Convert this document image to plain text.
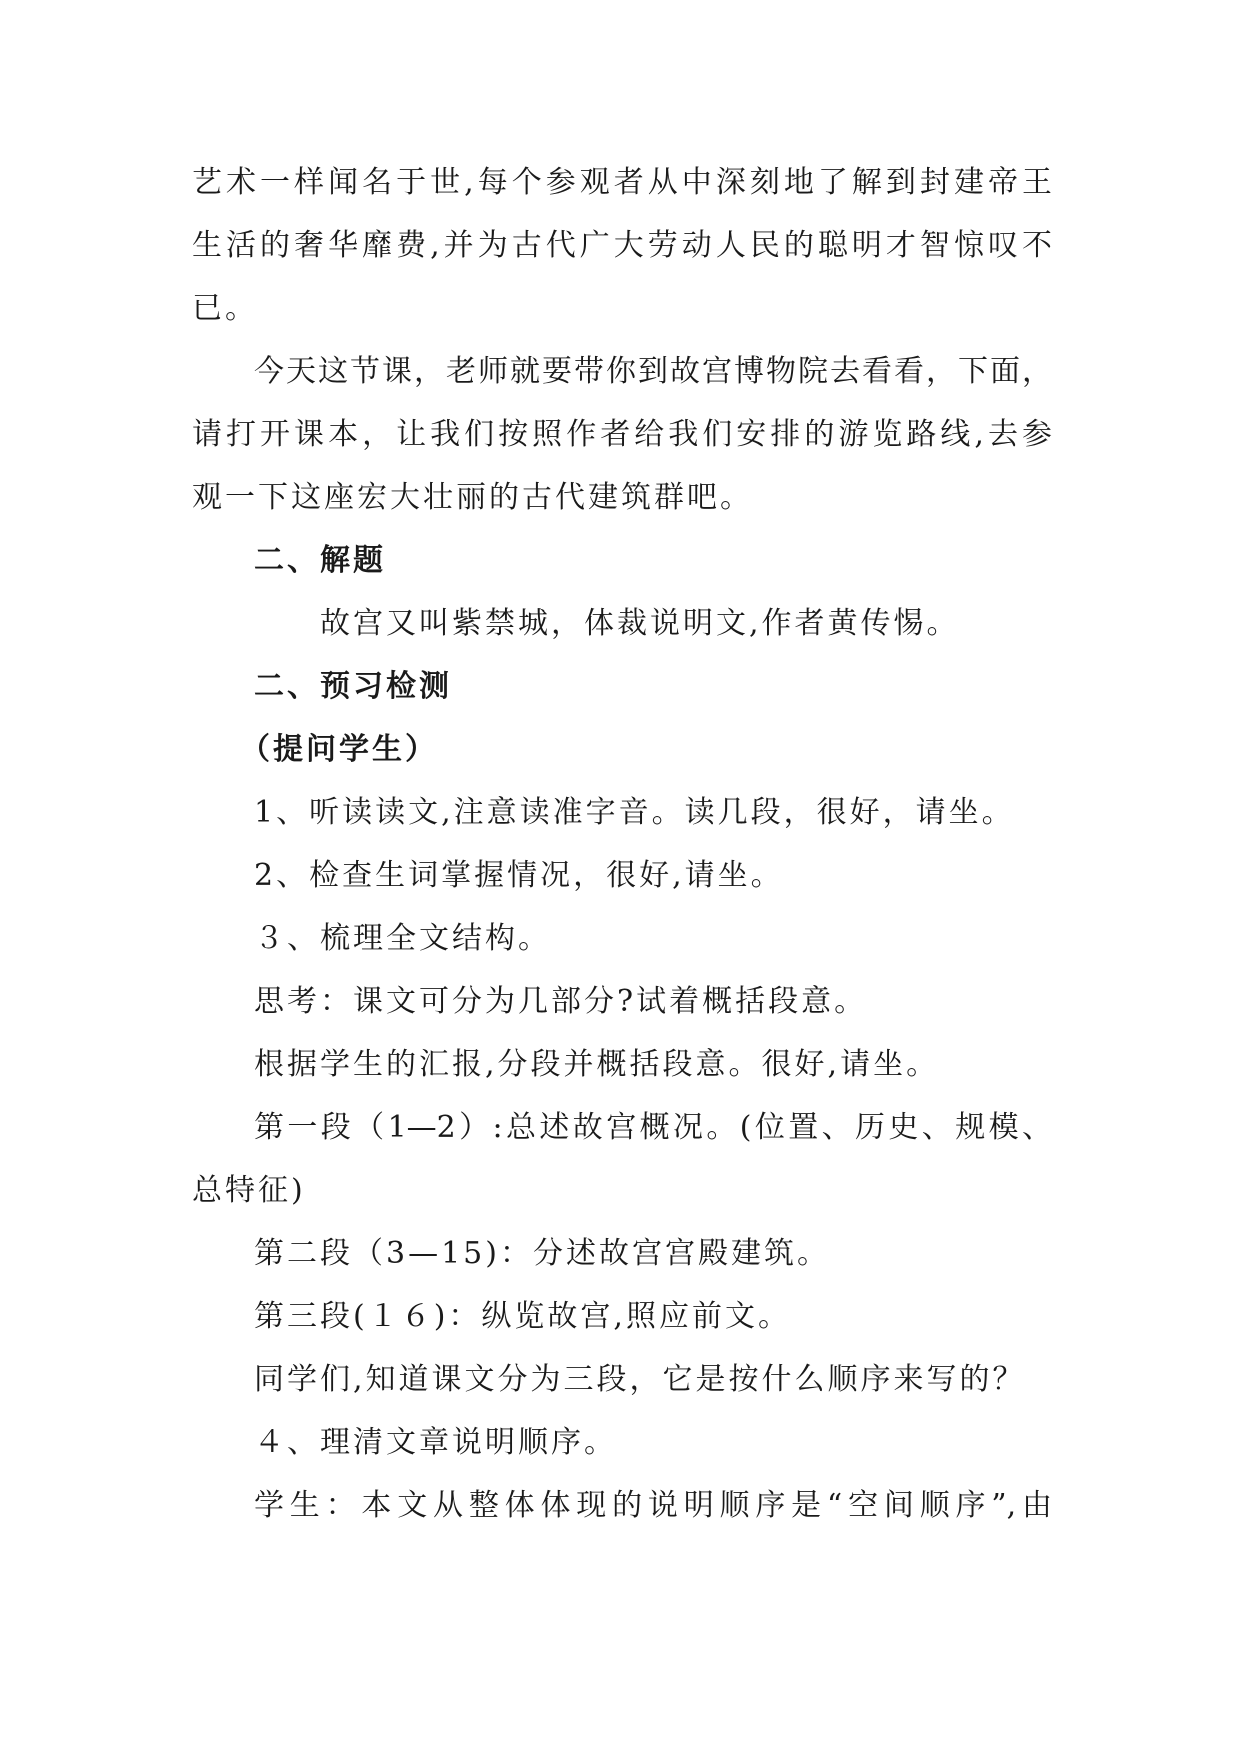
艺术一样闻名于世,每个参观者从中深刻地了解到封建帝王
生活的奢华靡费,并为古代广大劳动人民的聪明才智惊叹不
已。
今天这节课，老师就要带你到故宫博物院去看看，下面，
请打开课本，让我们按照作者给我们安排的游览路线,去参
观一下这座宏大壮丽的古代建筑群吧。
二、解题
故宫又叫紫禁城，体裁说明文,作者黄传惕。
二、预习检测
（提问学生）
1、听读读文,注意读准字音。读几段，很好，请坐。
2、检查生词掌握情况，很好,请坐。
３、梳理全文结构。
思考：课文可分为几部分?试着概括段意。
根据学生的汇报,分段并概括段意。很好,请坐。
第一段（1—2）:总述故宫概况。(位置、历史、规模、
总特征)
第二段（3—15)：分述故宫宫殿建筑。
第三段(１６)：纵览故宫,照应前文。
同学们,知道课文分为三段，它是按什么顺序来写的？
４、理清文章说明顺序。
学生：本文从整体体现的说明顺序是“空间顺序”,由
